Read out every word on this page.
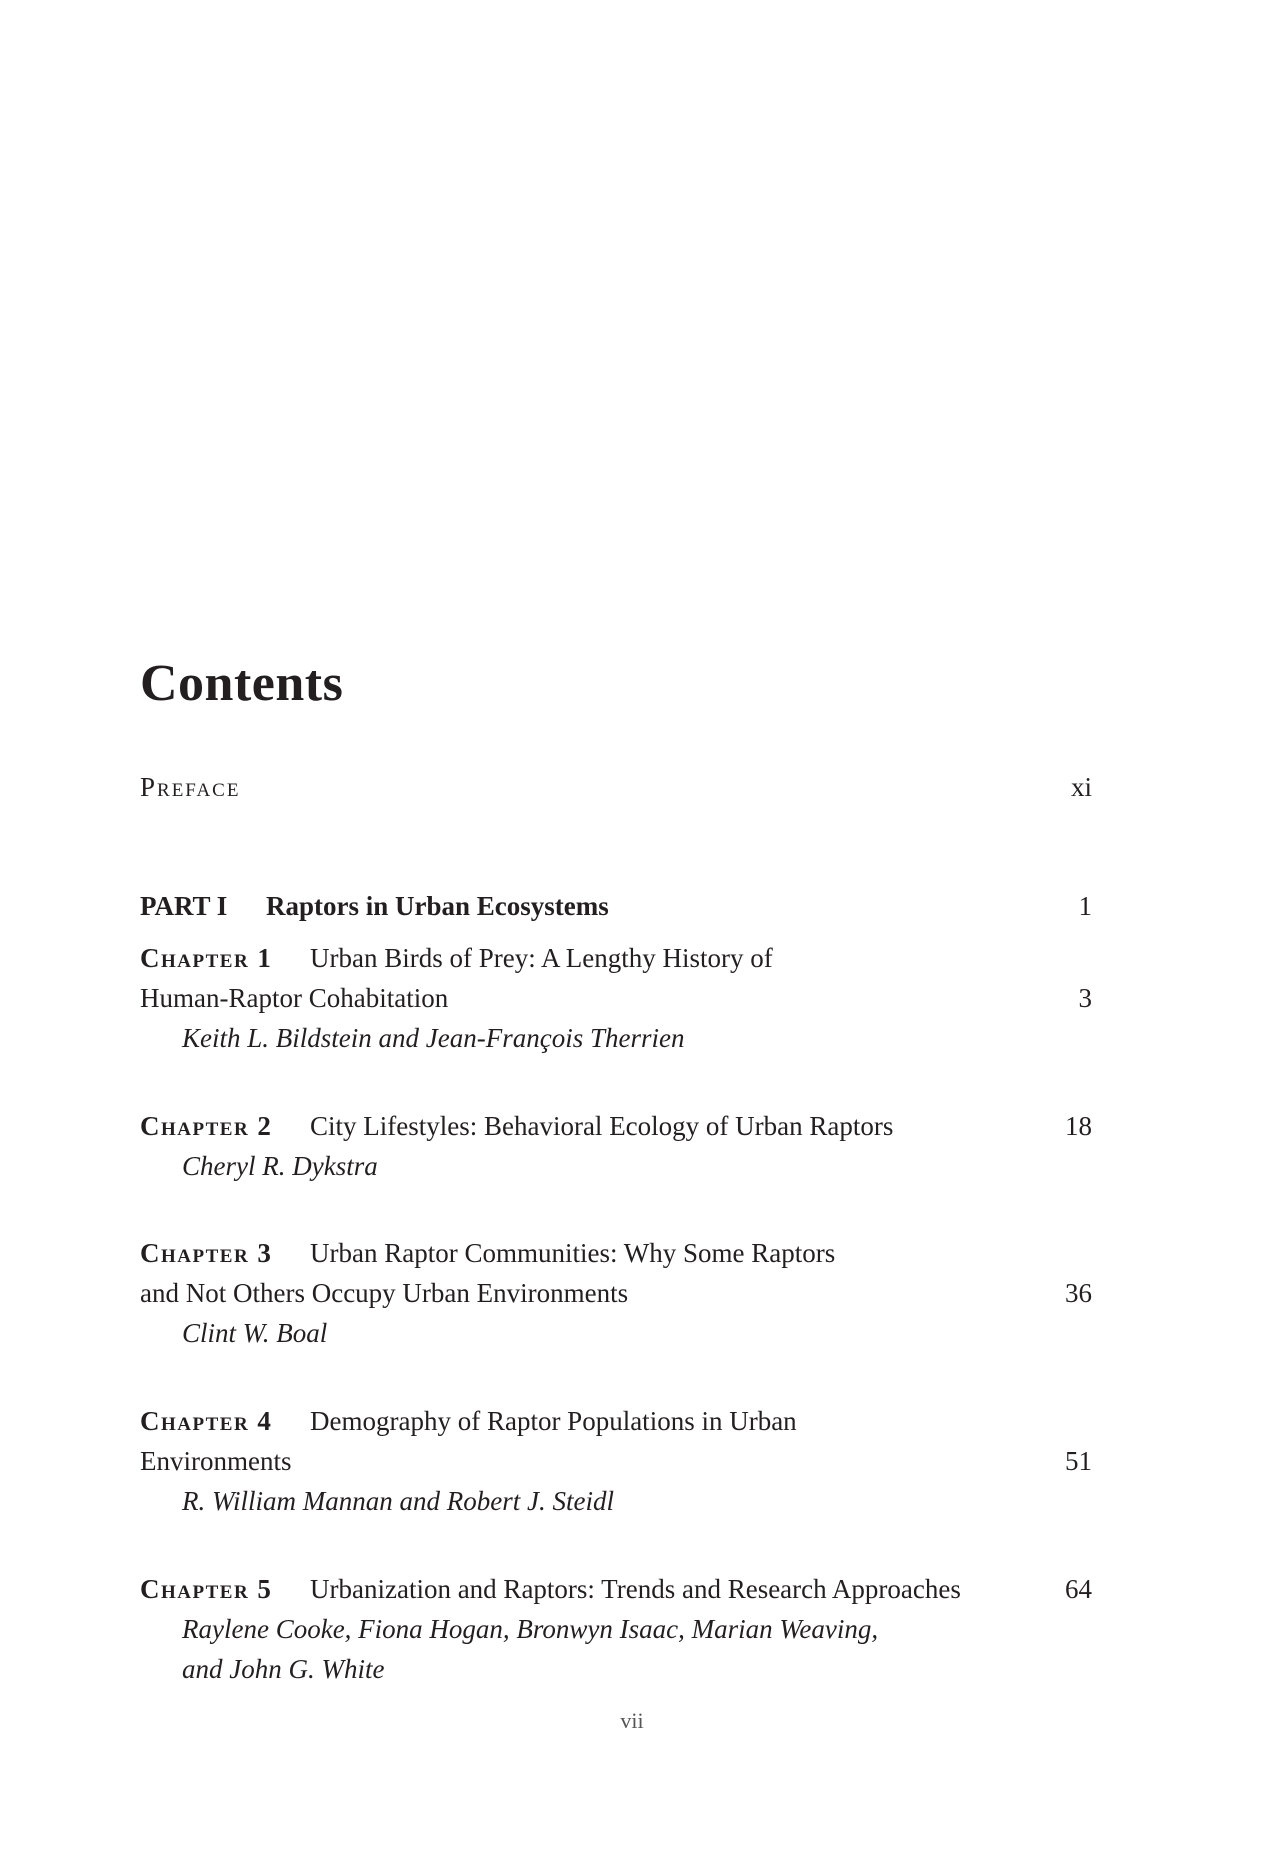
Contents
Preface	xi
PART I Raptors in Urban Ecosystems	1
Chapter 1 Urban Birds of Prey: A Lengthy History of
Human-Raptor Cohabitation	3
Keith L. Bildstein and Jean-François Therrien
Chapter 2 City Lifestyles: Behavioral Ecology of Urban Raptors	18
Cheryl R. Dykstra
Chapter 3 Urban Raptor Communities: Why Some Raptors
and Not Others Occupy Urban Environments	36
Clint W. Boal
Chapter 4 Demography of Raptor Populations in Urban
Environments	51
R. William Mannan and Robert J. Steidl
Chapter 5 Urbanization and Raptors: Trends and Research Approaches	64
Raylene Cooke, Fiona Hogan, Bronwyn Isaac, Marian Weaving,
and John G. White
vii
